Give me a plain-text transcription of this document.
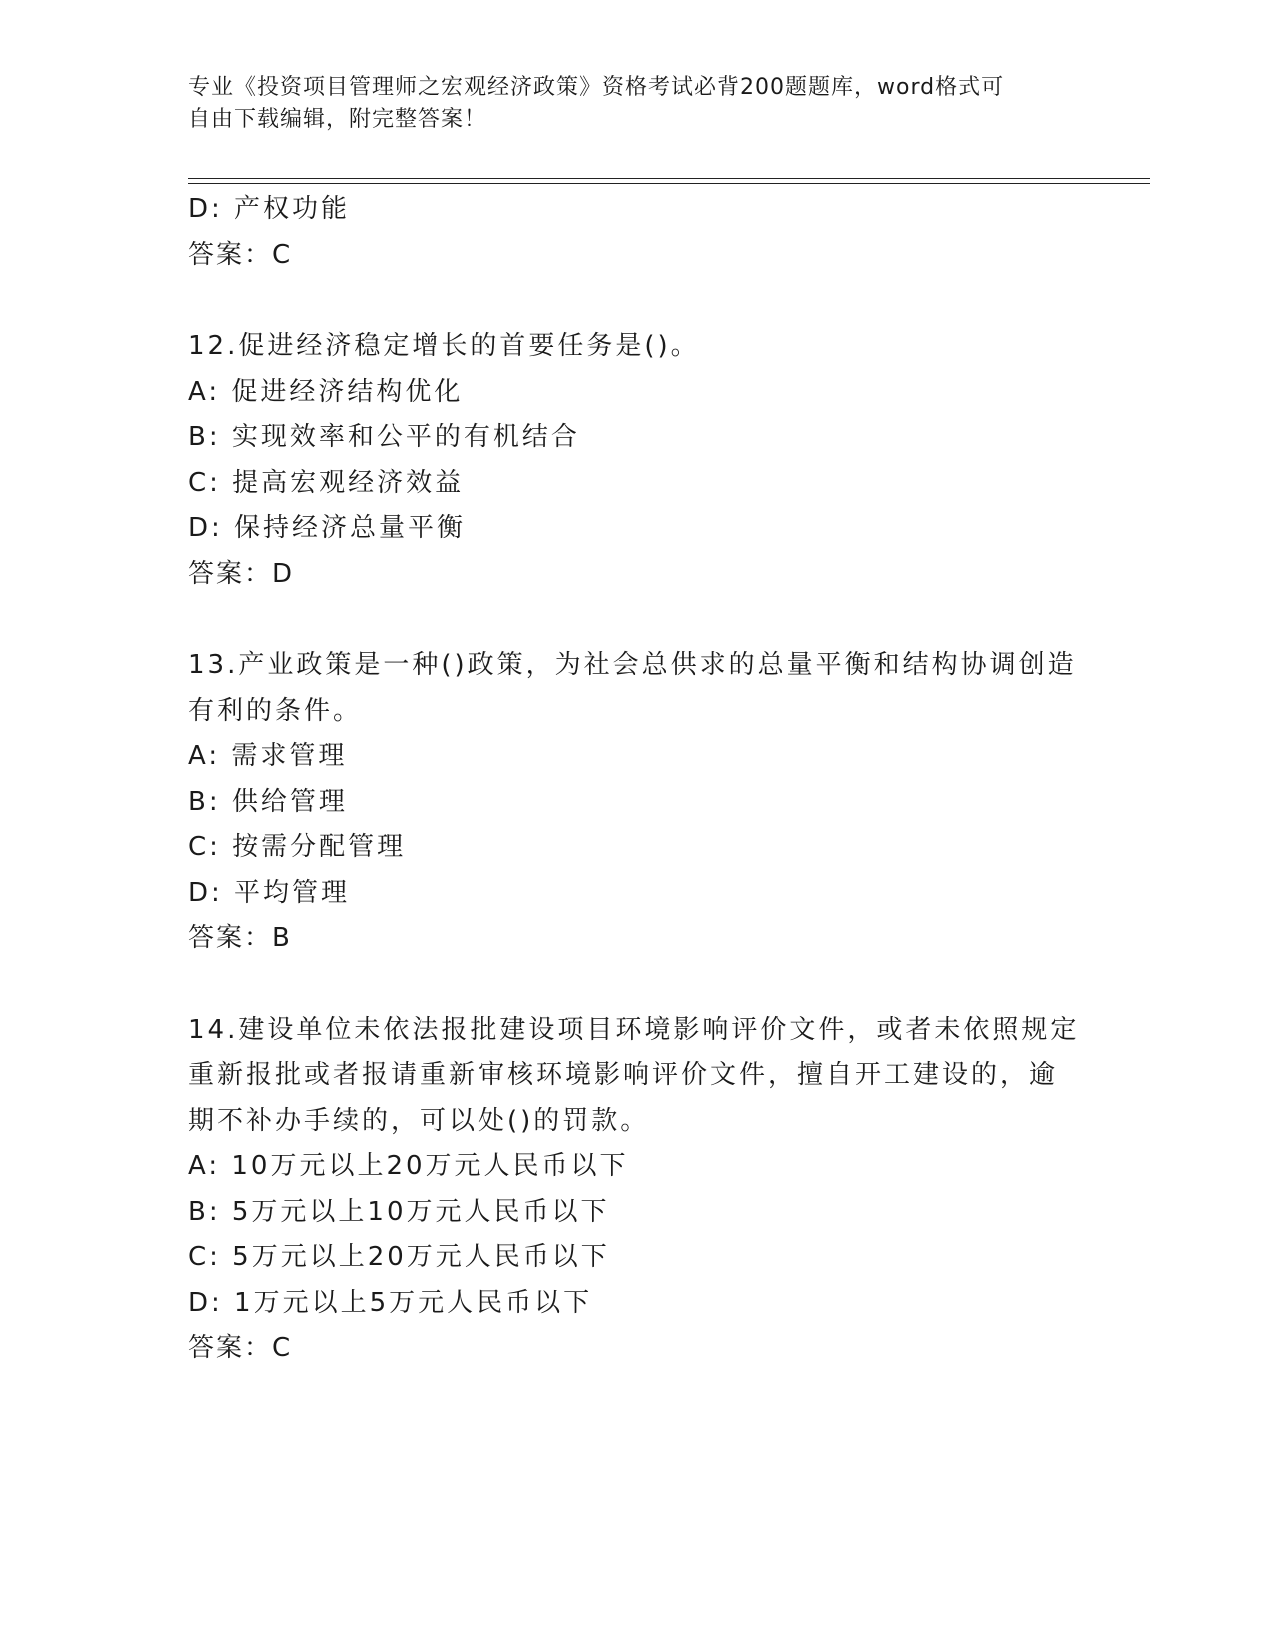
专业《投资项目管理师之宏观经济政策》资格考试必背200题题库，word格式可
自由下载编辑，附完整答案！
D: 产权功能
答案：C
12.促进经济稳定增长的首要任务是()。
A: 促进经济结构优化
B: 实现效率和公平的有机结合
C: 提高宏观经济效益
D: 保持经济总量平衡
答案：D
13.产业政策是一种()政策，为社会总供求的总量平衡和结构协调创造
有利的条件。
A: 需求管理
B: 供给管理
C: 按需分配管理
D: 平均管理
答案：B
14.建设单位未依法报批建设项目环境影响评价文件，或者未依照规定
重新报批或者报请重新审核环境影响评价文件，擅自开工建设的，逾
期不补办手续的，可以处()的罚款。
A: 10万元以上20万元人民币以下
B: 5万元以上10万元人民币以下
C: 5万元以上20万元人民币以下
D: 1万元以上5万元人民币以下
答案：C
